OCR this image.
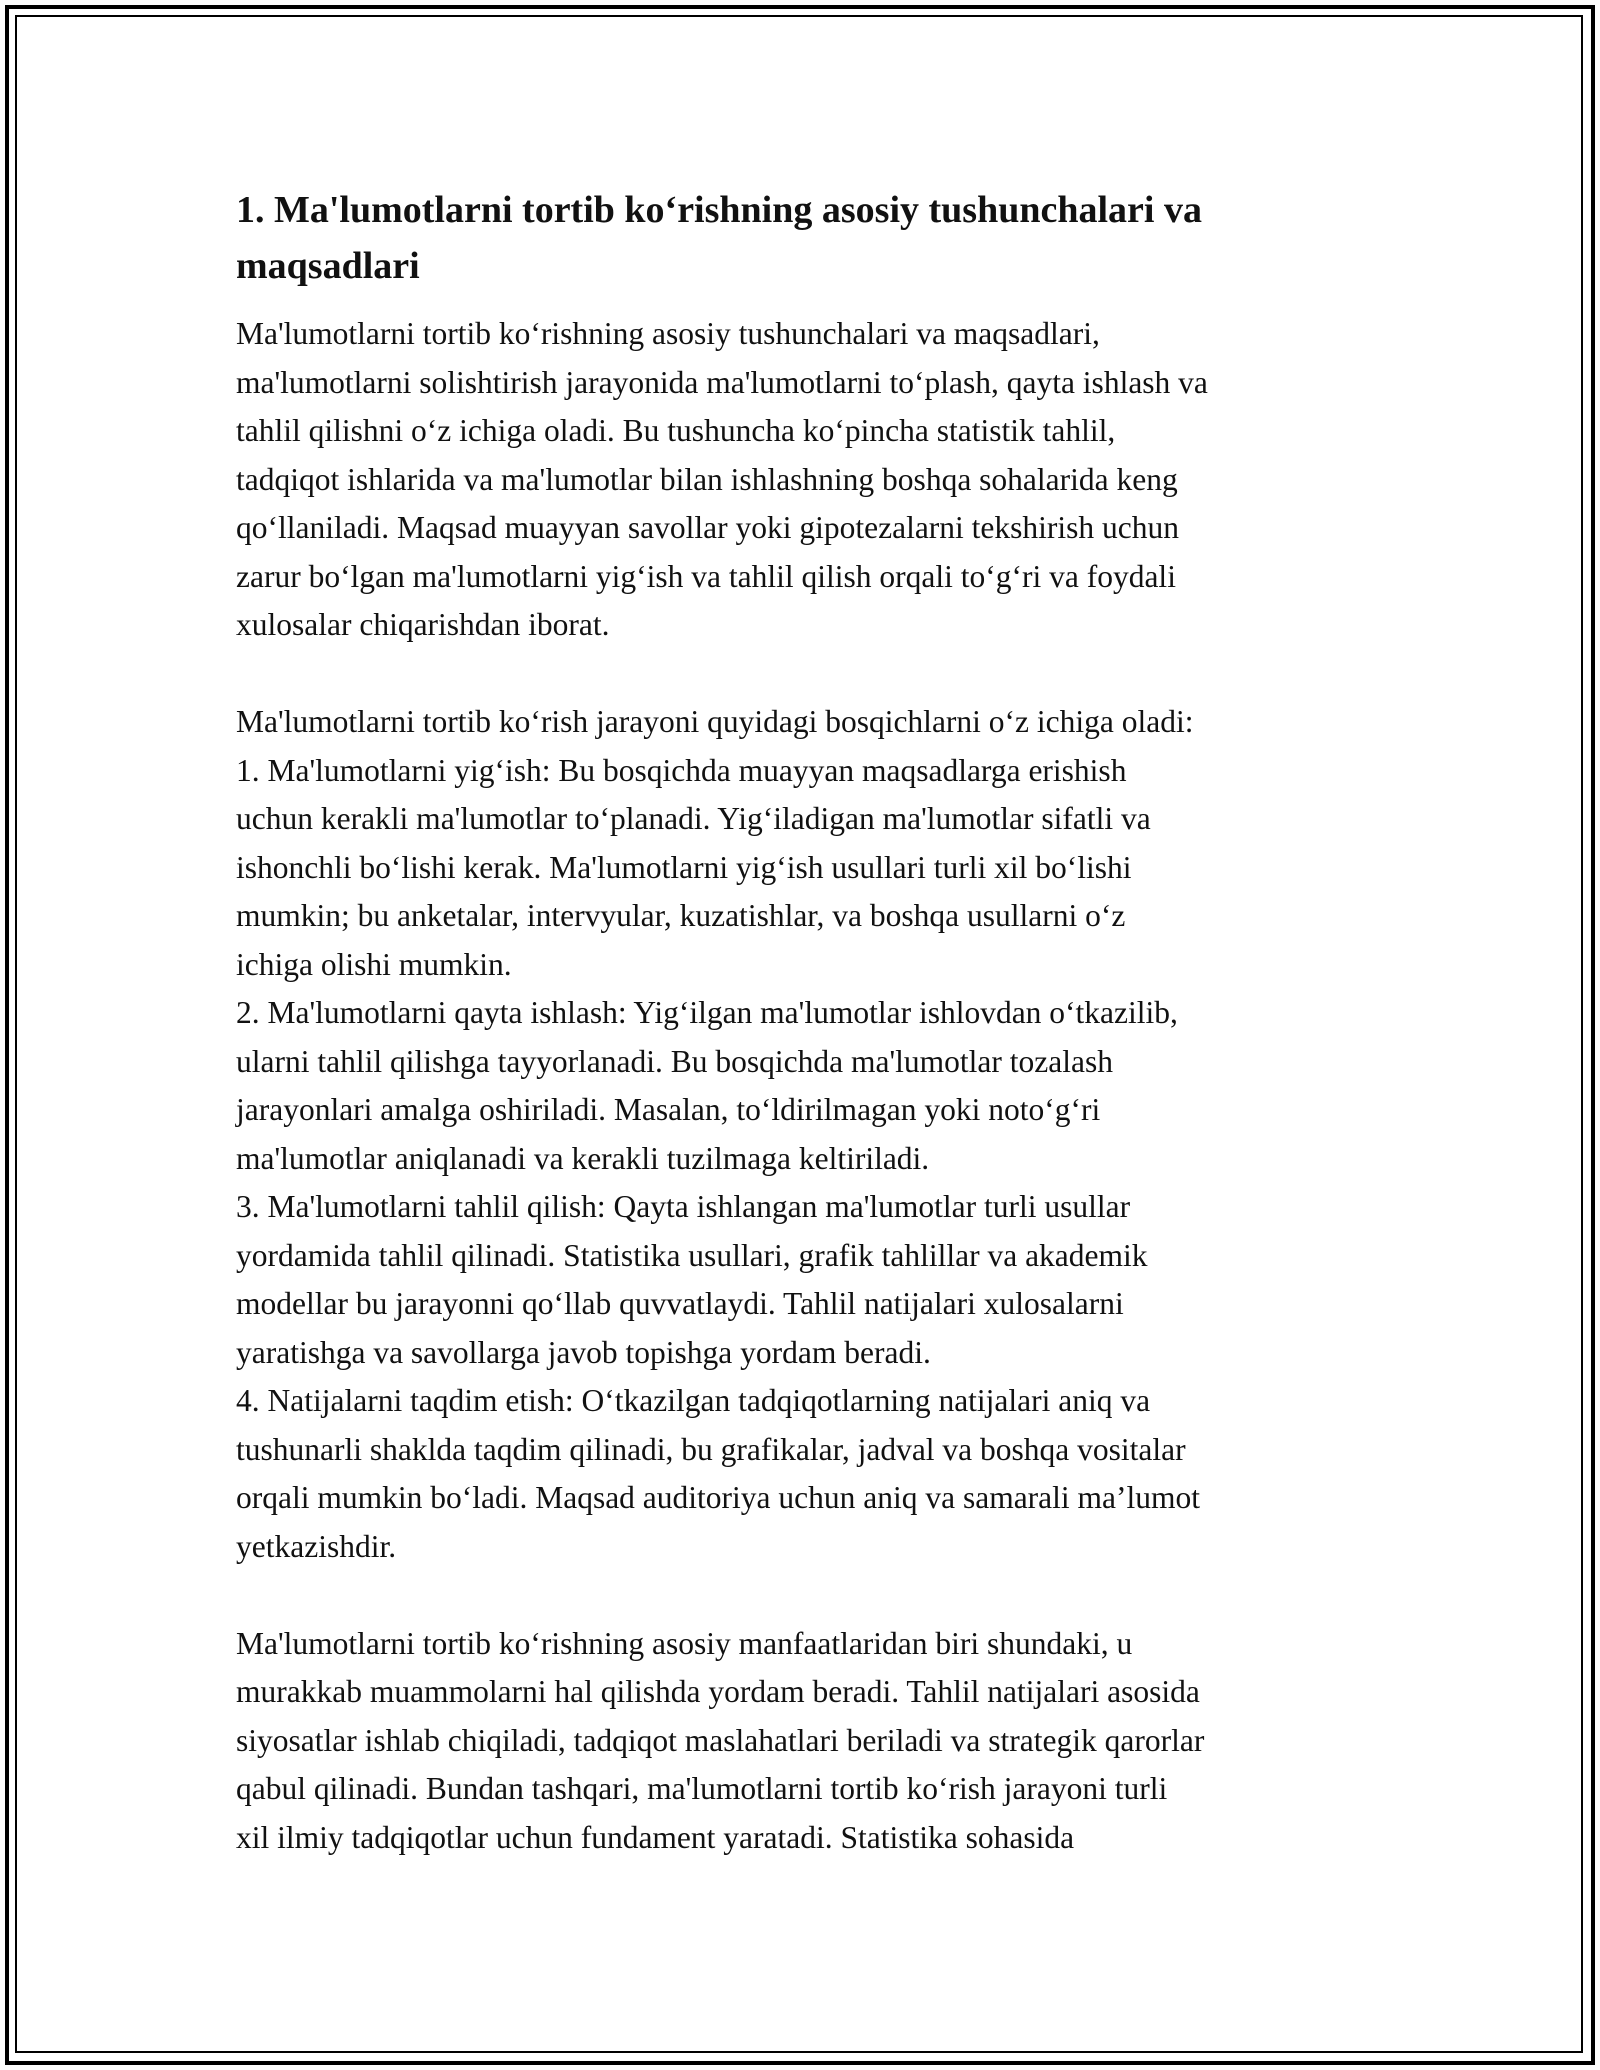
1. Ma'lumotlarni tortib ko‘rishning asosiy tushunchalari va
maqsadlari

Ma'lumotlarni tortib ko‘rishning asosiy tushunchalari va maqsadlari,

ma'lumotlarni solishtirish jarayonida ma'lumotlarni to‘plash, qayta ishlash va

tahlil qilishni o‘z ichiga oladi. Bu tushuncha ko‘pincha statistik tahlil,

tadqiqot ishlarida va ma'lumotlar bilan ishlashning boshqa sohalarida keng

qo‘llaniladi. Maqsad muayyan savollar yoki gipotezalarni tekshirish uchun

zarur bo‘lgan ma'lumotlarni yig‘ish va tahlil qilish orqali to‘g‘ri va foydali

xulosalar chiqarishdan iborat.

Ma'lumotlarni tortib ko‘rish jarayoni quyidagi bosqichlarni o‘z ichiga oladi:

1. Ma'lumotlarni yig‘ish: Bu bosqichda muayyan maqsadlarga erishish

uchun kerakli ma'lumotlar to‘planadi. Yig‘iladigan ma'lumotlar sifatli va

ishonchli bo‘lishi kerak. Ma'lumotlarni yig‘ish usullari turli xil bo‘lishi

mumkin; bu anketalar, intervyular, kuzatishlar, va boshqa usullarni o‘z

ichiga olishi mumkin.

2. Ma'lumotlarni qayta ishlash: Yig‘ilgan ma'lumotlar ishlovdan o‘tkazilib,

ularni tahlil qilishga tayyorlanadi. Bu bosqichda ma'lumotlar tozalash

jarayonlari amalga oshiriladi. Masalan, to‘ldirilmagan yoki noto‘g‘ri

ma'lumotlar aniqlanadi va kerakli tuzilmaga keltiriladi.

3. Ma'lumotlarni tahlil qilish: Qayta ishlangan ma'lumotlar turli usullar

yordamida tahlil qilinadi. Statistika usullari, grafik tahlillar va akademik

modellar bu jarayonni qo‘llab quvvatlaydi. Tahlil natijalari xulosalarni

yaratishga va savollarga javob topishga yordam beradi.

4. Natijalarni taqdim etish: O‘tkazilgan tadqiqotlarning natijalari aniq va

tushunarli shaklda taqdim qilinadi, bu grafikalar, jadval va boshqa vositalar

orqali mumkin bo‘ladi. Maqsad auditoriya uchun aniq va samarali ma’lumot

yetkazishdir.

Ma'lumotlarni tortib ko‘rishning asosiy manfaatlaridan biri shundaki, u

murakkab muammolarni hal qilishda yordam beradi. Tahlil natijalari asosida

siyosatlar ishlab chiqiladi, tadqiqot maslahatlari beriladi va strategik qarorlar

qabul qilinadi. Bundan tashqari, ma'lumotlarni tortib ko‘rish jarayoni turli

xil ilmiy tadqiqotlar uchun fundament yaratadi. Statistika sohasida
